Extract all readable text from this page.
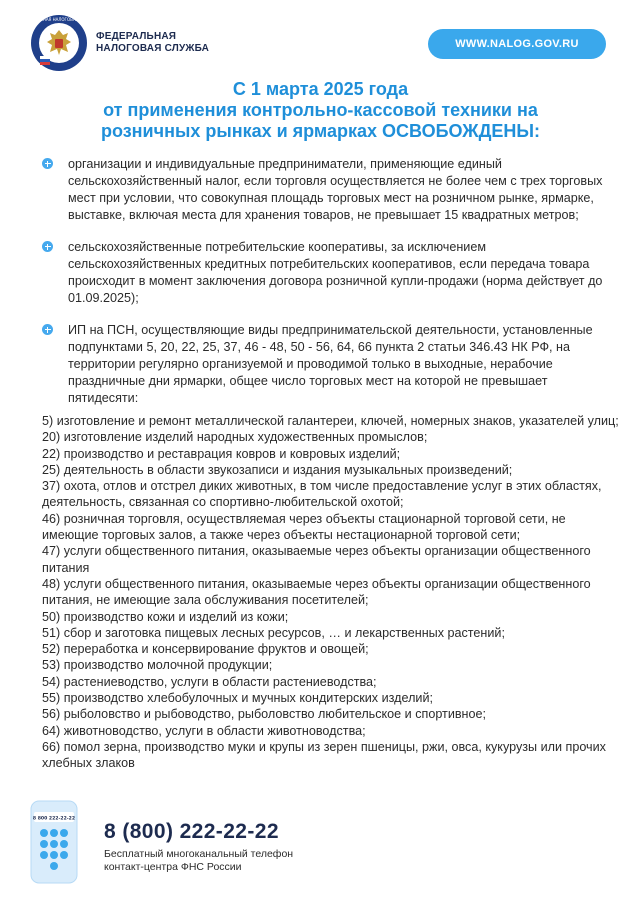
ФЕДЕРАЛЬНАЯ НАЛОГОВАЯ СЛУЖБА
ФЕДЕРАЛЬНАЯ
НАЛОГОВАЯ СЛУЖБА	WWW.NALOG.GOV.RU
С 1 марта 2025 года
от применения контрольно-кассовой техники на
розничных рынках и ярмарках ОСВОБОЖДЕНЫ:
организации и индивидуальные предприниматели, применяющие единый сельскохозяйственный налог, если торговля осуществляется не более чем с трех торговых мест при условии, что совокупная площадь торговых мест на розничном рынке, ярмарке, выставке, включая места для хранения товаров, не превышает 15 квадратных метров;
сельскохозяйственные потребительские кооперативы, за исключением сельскохозяйственных кредитных потребительских кооперативов, если передача товара происходит в момент заключения договора розничной купли-продажи (норма действует до 01.09.2025);
ИП на ПСН, осуществляющие виды предпринимательской деятельности, установленные подпунктами 5, 20, 22, 25, 37, 46 - 48, 50 - 56, 64, 66 пункта 2 статьи 346.43 НК РФ, на территории регулярно организуемой и проводимой только в выходные, нерабочие праздничные дни ярмарки, общее число торговых мест на которой не превышает пятидесяти:
5) изготовление и ремонт металлической галантереи, ключей, номерных знаков, указателей улиц;
20) изготовление изделий народных художественных промыслов;
22) производство и реставрация ковров и ковровых изделий;
25) деятельность в области звукозаписи и издания музыкальных произведений;
37) охота, отлов и отстрел диких животных, в том числе предоставление услуг в этих областях, деятельность, связанная со спортивно-любительской охотой;
46) розничная торговля, осуществляемая через объекты стационарной торговой сети, не имеющие торговых залов, а также через объекты нестационарной торговой сети;
47) услуги общественного питания, оказываемые через объекты организации общественного питания
48) услуги общественного питания, оказываемые через объекты организации общественного питания, не имеющие зала обслуживания посетителей;
50) производство кожи и изделий из кожи;
51) сбор и заготовка пищевых лесных ресурсов, … и лекарственных растений;
52) переработка и консервирование фруктов и овощей;
53) производство молочной продукции;
54) растениеводство, услуги в области растениеводства;
55) производство хлебобулочных и мучных кондитерских изделий;
56) рыболовство и рыбоводство, рыболовство любительское и спортивное;
64) животноводство, услуги в области животноводства;
66) помол зерна, производство муки и крупы из зерен пшеницы, ржи, овса, кукурузы или прочих хлебных злаков
8 800 222-22-22
8 (800) 222-22-22
Бесплатный многоканальный телефон
контакт-центра ФНС России
